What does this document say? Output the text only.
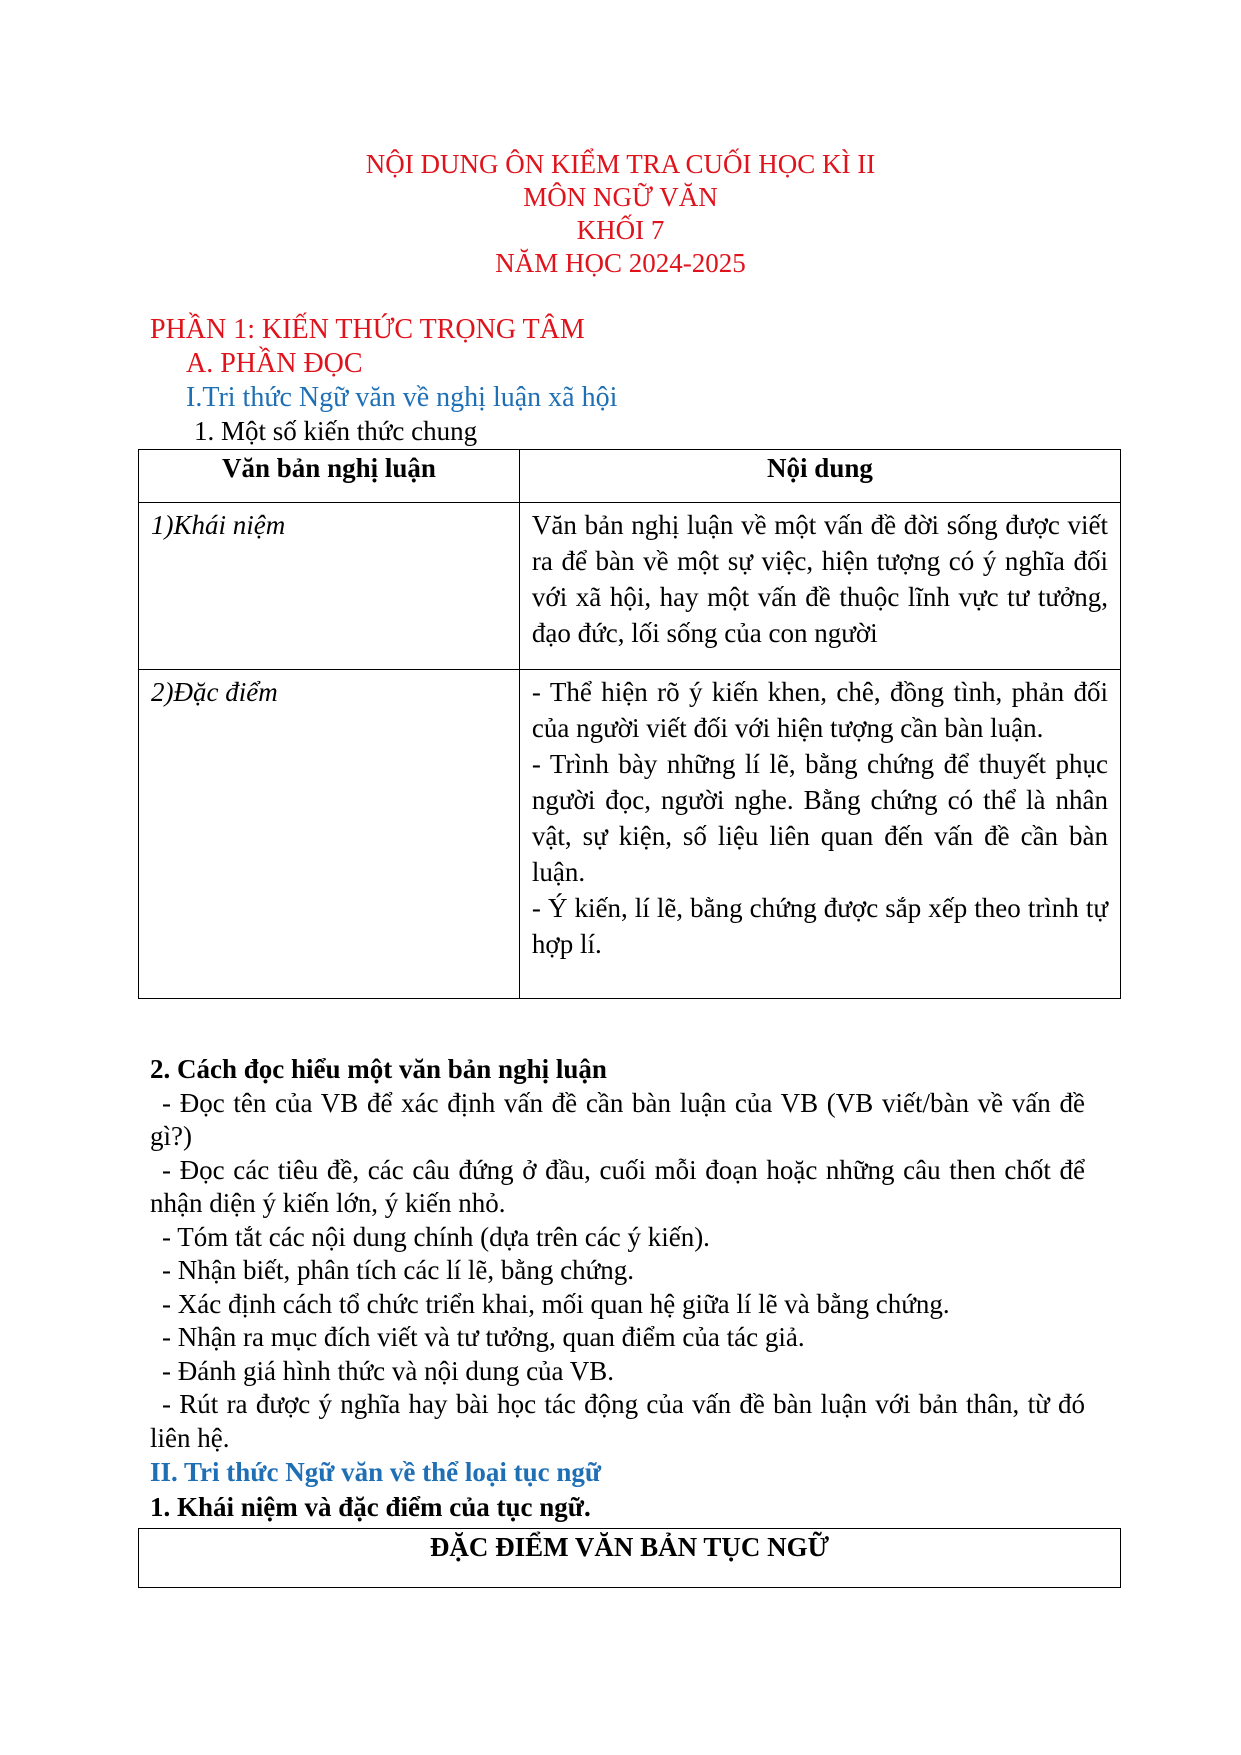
NỘI DUNG ÔN KIỂM TRA CUỐI HỌC KÌ II
MÔN NGỮ VĂN
KHỐI 7
NĂM HỌC 2024-2025
PHẦN 1: KIẾN THỨC TRỌNG TÂM
A. PHẦN ĐỌC
I.Tri thức Ngữ văn về nghị luận xã hội
1. Một số kiến thức chung
Văn bản nghị luận	Nội dung
1)Khái niệm	Văn bản nghị luận về một vấn đề đời sống được viết ra để bàn về một sự việc, hiện tượng có ý nghĩa đối với xã hội, hay một vấn đề thuộc lĩnh vực tư tưởng, đạo đức, lối sống của con người

2)Đặc điểm	- Thể hiện rõ ý kiến khen, chê, đồng tình, phản đối của người viết đối với hiện tượng cần bàn luận.

- Trình bày những lí lẽ, bằng chứng để thuyết phục người đọc, người nghe. Bằng chứng có thể là nhân vật, sự kiện, số liệu liên quan đến vấn đề cần bàn luận.

- Ý kiến, lí lẽ, bằng chứng được sắp xếp theo trình tự hợp lí.

2. Cách đọc hiểu một văn bản nghị luận

- Đọc tên của VB để xác định vấn đề cần bàn luận của VB (VB viết/bàn về vấn đề gì?)

- Đọc các tiêu đề, các câu đứng ở đầu, cuối mỗi đoạn hoặc những câu then chốt để nhận diện ý kiến lớn, ý kiến nhỏ.

- Tóm tắt các nội dung chính (dựa trên các ý kiến).

- Nhận biết, phân tích các lí lẽ, bằng chứng.

- Xác định cách tổ chức triển khai, mối quan hệ giữa lí lẽ và bằng chứng.

- Nhận ra mục đích viết và tư tưởng, quan điểm của tác giả.

- Đánh giá hình thức và nội dung của VB.

- Rút ra được ý nghĩa hay bài học tác động của vấn đề bàn luận với bản thân, từ đó liên hệ.

II. Tri thức Ngữ văn về thể loại tục ngữ
1. Khái niệm và đặc điểm của tục ngữ.
ĐẶC ĐIỂM VĂN BẢN TỤC NGỮ
